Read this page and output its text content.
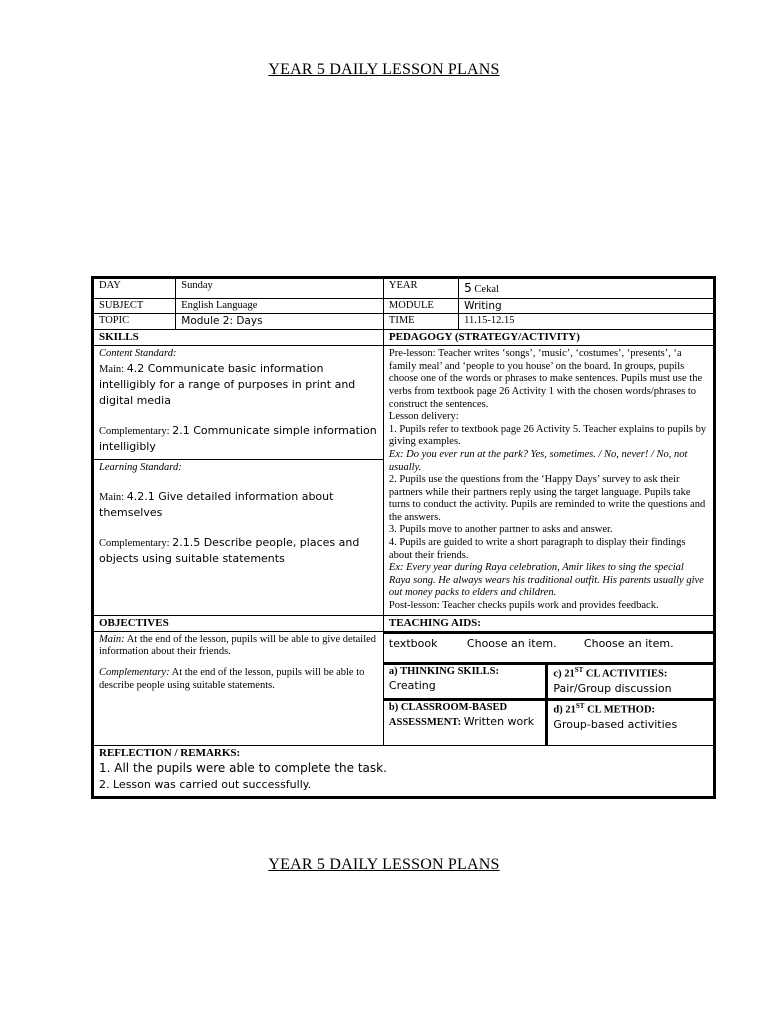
YEAR 5 DAILY LESSON PLANS
DAY	Sunday	YEAR	5 Cekal
SUBJECT	English Language	MODULE	Writing
TOPIC	Module 2: Days	TIME	11.15-12.15

SKILLS
Content Standard:
Main: 4.2 Communicate basic information intelligibly for a range of purposes in print and digital media
Complementary: 2.1 Communicate simple information intelligibly
Learning Standard:
Main: 4.2.1 Give detailed information about themselves
Complementary: 2.1.5 Describe people, places and objects using suitable statements

PEDAGOGY (STRATEGY/ACTIVITY)
Pre-lesson: Teacher writes ‘songs’, ‘music’, ‘costumes’, ‘presents’, ‘a family meal’ and ‘people to you house’ on the board. In groups, pupils choose one of the words or phrases to make sentences. Pupils must use the verbs from textbook page 26 Activity 1 with the chosen words/phrases to construct the sentences.
Lesson delivery:
1. Pupils refer to textbook page 26 Activity 5. Teacher explains to pupils by giving examples.
Ex: Do you ever run at the park? Yes, sometimes. / No, never! / No, not usually.
2. Pupils use the questions from the ‘Happy Days’ survey to ask their partners while their partners reply using the target language. Pupils take turns to conduct the activity. Pupils are reminded to write the questions and the answers.
3. Pupils move to another partner to asks and answer.
4. Pupils are guided to write a short paragraph to display their findings about their friends.
Ex: Every year during Raya celebration, Amir likes to sing the special Raya song. He always wears his traditional outfit. His parents usually give out money packs to elders and children.
Post-lesson: Teacher checks pupils work and provides feedback.

OBJECTIVES
Main: At the end of the lesson, pupils will be able to give detailed information about their friends.
Complementary: At the end of the lesson, pupils will be able to describe people using suitable statements.

TEACHING AIDS:
textbook	Choose an item.	Choose an item.
a) THINKING SKILLS:
Creating

c) 21ST CL ACTIVITIES:
Pair/Group discussion

b) CLASSROOM-BASED ASSESSMENT: Written work

d) 21ST CL METHOD:
Group-based activities

REFLECTION / REMARKS:
1. All the pupils were able to complete the task.
2. Lesson was carried out successfully.
YEAR 5 DAILY LESSON PLANS
